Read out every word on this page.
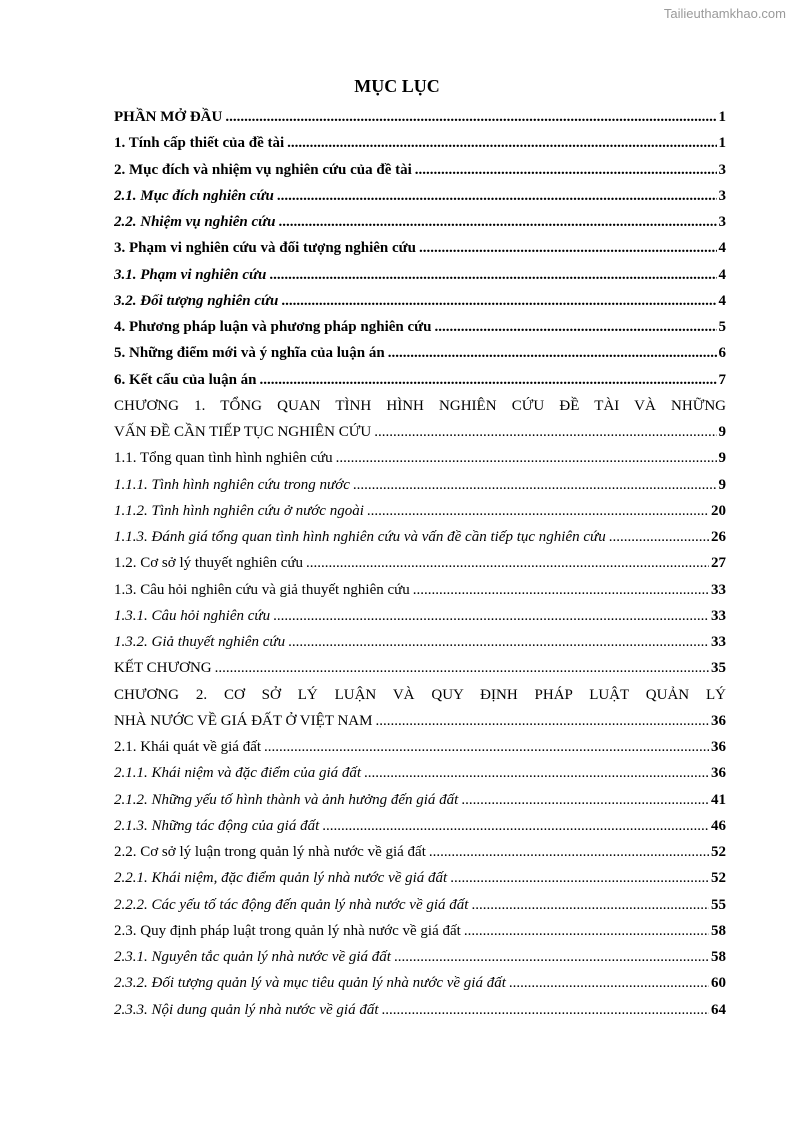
Tailieuthamkhao.com
MỤC LỤC
PHẦN MỞ ĐẦU .....	1
1. Tính cấp thiết của đề tài .....	1
2. Mục đích và nhiệm vụ nghiên cứu của đề tài .....	3
2.1. Mục đích nghiên cứu .....	3
2.2. Nhiệm vụ nghiên cứu .....	3
3. Phạm vi nghiên cứu và đối tượng nghiên cứu .....	4
3.1. Phạm vi nghiên cứu .....	4
3.2. Đối tượng nghiên cứu .....	4
4. Phương pháp luận và phương pháp nghiên cứu .....	5
5. Những điểm mới và ý nghĩa của luận án .....	6
6. Kết cấu của luận án .....	7
CHƯƠNG 1. TỔNG QUAN TÌNH HÌNH NGHIÊN CỨU ĐỀ TÀI VÀ NHỮNG
VẤN ĐỀ CẦN TIẾP TỤC NGHIÊN CỨU .....	9
1.1. Tổng quan tình hình nghiên cứu .....	9
1.1.1. Tình hình nghiên cứu trong nước .....	9
1.1.2. Tình hình nghiên cứu ở nước ngoài .....	20
1.1.3. Đánh giá tổng quan tình hình nghiên cứu và vấn đề cần tiếp tục nghiên cứu .....	26
1.2. Cơ sở lý thuyết nghiên cứu .....	27
1.3. Câu hỏi nghiên cứu và giả thuyết nghiên cứu .....	33
1.3.1. Câu hỏi nghiên cứu .....	33
1.3.2. Giả thuyết nghiên cứu .....	33
KẾT CHƯƠNG .....	35
CHƯƠNG 2. CƠ SỞ LÝ LUẬN VÀ QUY ĐỊNH PHÁP LUẬT QUẢN LÝ
NHÀ NƯỚC VỀ GIÁ ĐẤT Ở VIỆT NAM .....	36
2.1. Khái quát về giá đất .....	36
2.1.1. Khái niệm và đặc điểm của giá đất .....	36
2.1.2. Những yếu tố hình thành và ảnh hưởng đến giá đất .....	41
2.1.3. Những tác động của giá đất .....	46
2.2. Cơ sở lý luận trong quản lý nhà nước về giá đất .....	52
2.2.1. Khái niệm, đặc điểm quản lý nhà nước về giá đất .....	52
2.2.2. Các yếu tố tác động đến quản lý nhà nước về giá đất .....	55
2.3. Quy định pháp luật trong quản lý nhà nước về giá đất .....	58
2.3.1. Nguyên tắc quản lý nhà nước về giá đất .....	58
2.3.2. Đối tượng quản lý và mục tiêu quản lý nhà nước về giá đất .....	60
2.3.3. Nội dung quản lý nhà nước về giá đất .....	64
